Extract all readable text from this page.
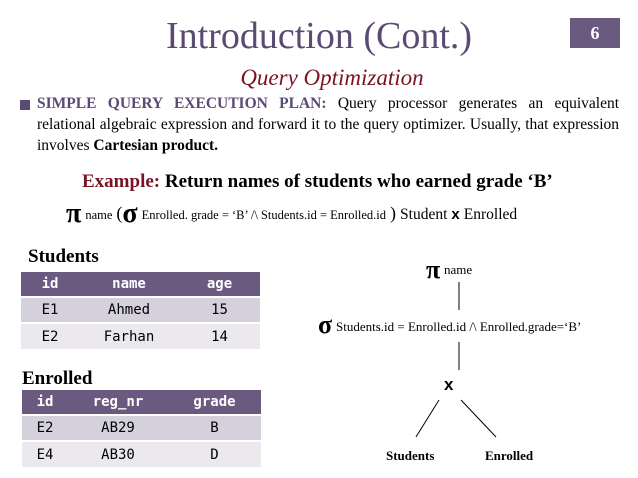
Introduction (Cont.)	6
Query Optimization
SIMPLE QUERY EXECUTION PLAN: Query processor generates an equivalent relational algebraic expression and forward it to the query optimizer. Usually, that expression involves Cartesian product.
Example: Return names of students who earned grade ‘B’
π name (σ Enrolled. grade = ‘B’ /\ Students.id = Enrolled.id ) Student x Enrolled
Students
id	name	age
E1	Ahmed	15
E2	Farhan	14
Enrolled
id	reg_nr	grade
E2	AB29	B
E4	AB30	D
π name
σ Students.id = Enrolled.id /\ Enrolled.grade=‘B’
x
Students	Enrolled
